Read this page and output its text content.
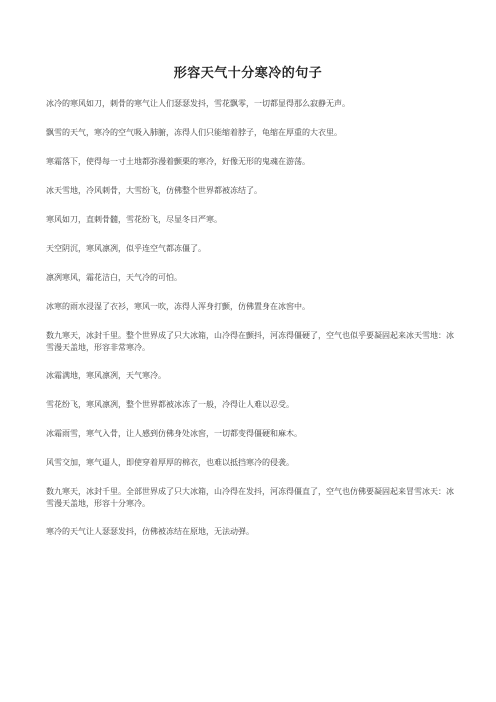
形容天气十分寒冷的句子

冰冷的寒风如刀，刺骨的寒气让人们瑟瑟发抖，雪花飘零，一切都显得那么寂静无声。

飘雪的天气，寒冷的空气吸入肺腑，冻得人们只能缩着脖子，龟缩在厚重的大衣里。

寒霜落下，使得每一寸土地都弥漫着颤栗的寒冷，好像无形的鬼魂在游荡。

冰天雪地，冷风刺骨，大雪纷飞，仿佛整个世界都被冻结了。

寒风如刀，直刺骨髓，雪花纷飞，尽显冬日严寒。

天空阴沉，寒风凛冽，似乎连空气都冻僵了。

凛冽寒风，霜花洁白，天气冷的可怕。

冰寒的雨水浸湿了衣衫，寒风一吹，冻得人浑身打颤，仿佛置身在冰窖中。

数九寒天，冰封千里。整个世界成了只大冰箱，山冷得在颤抖，河冻得僵硬了，空气也似乎要凝固起来冰天雪地：冰雪漫天盖地，形容非常寒冷。

冰霜满地，寒风凛冽，天气寒冷。

雪花纷飞，寒风凛冽，整个世界都被冰冻了一般，冷得让人难以忍受。

冰霜雨雪，寒气入骨，让人感到仿佛身处冰窖，一切都变得僵硬和麻木。

风雪交加，寒气逼人，即使穿着厚厚的棉衣，也难以抵挡寒冷的侵袭。

数九寒天，冰封千里。全部世界成了只大冰箱，山冷得在发抖，河冻得僵直了，空气也仿佛要凝固起来冒雪冰天：冰雪漫天盖地，形容十分寒冷。

寒冷的天气让人瑟瑟发抖，仿佛被冻结在原地，无法动弹。
